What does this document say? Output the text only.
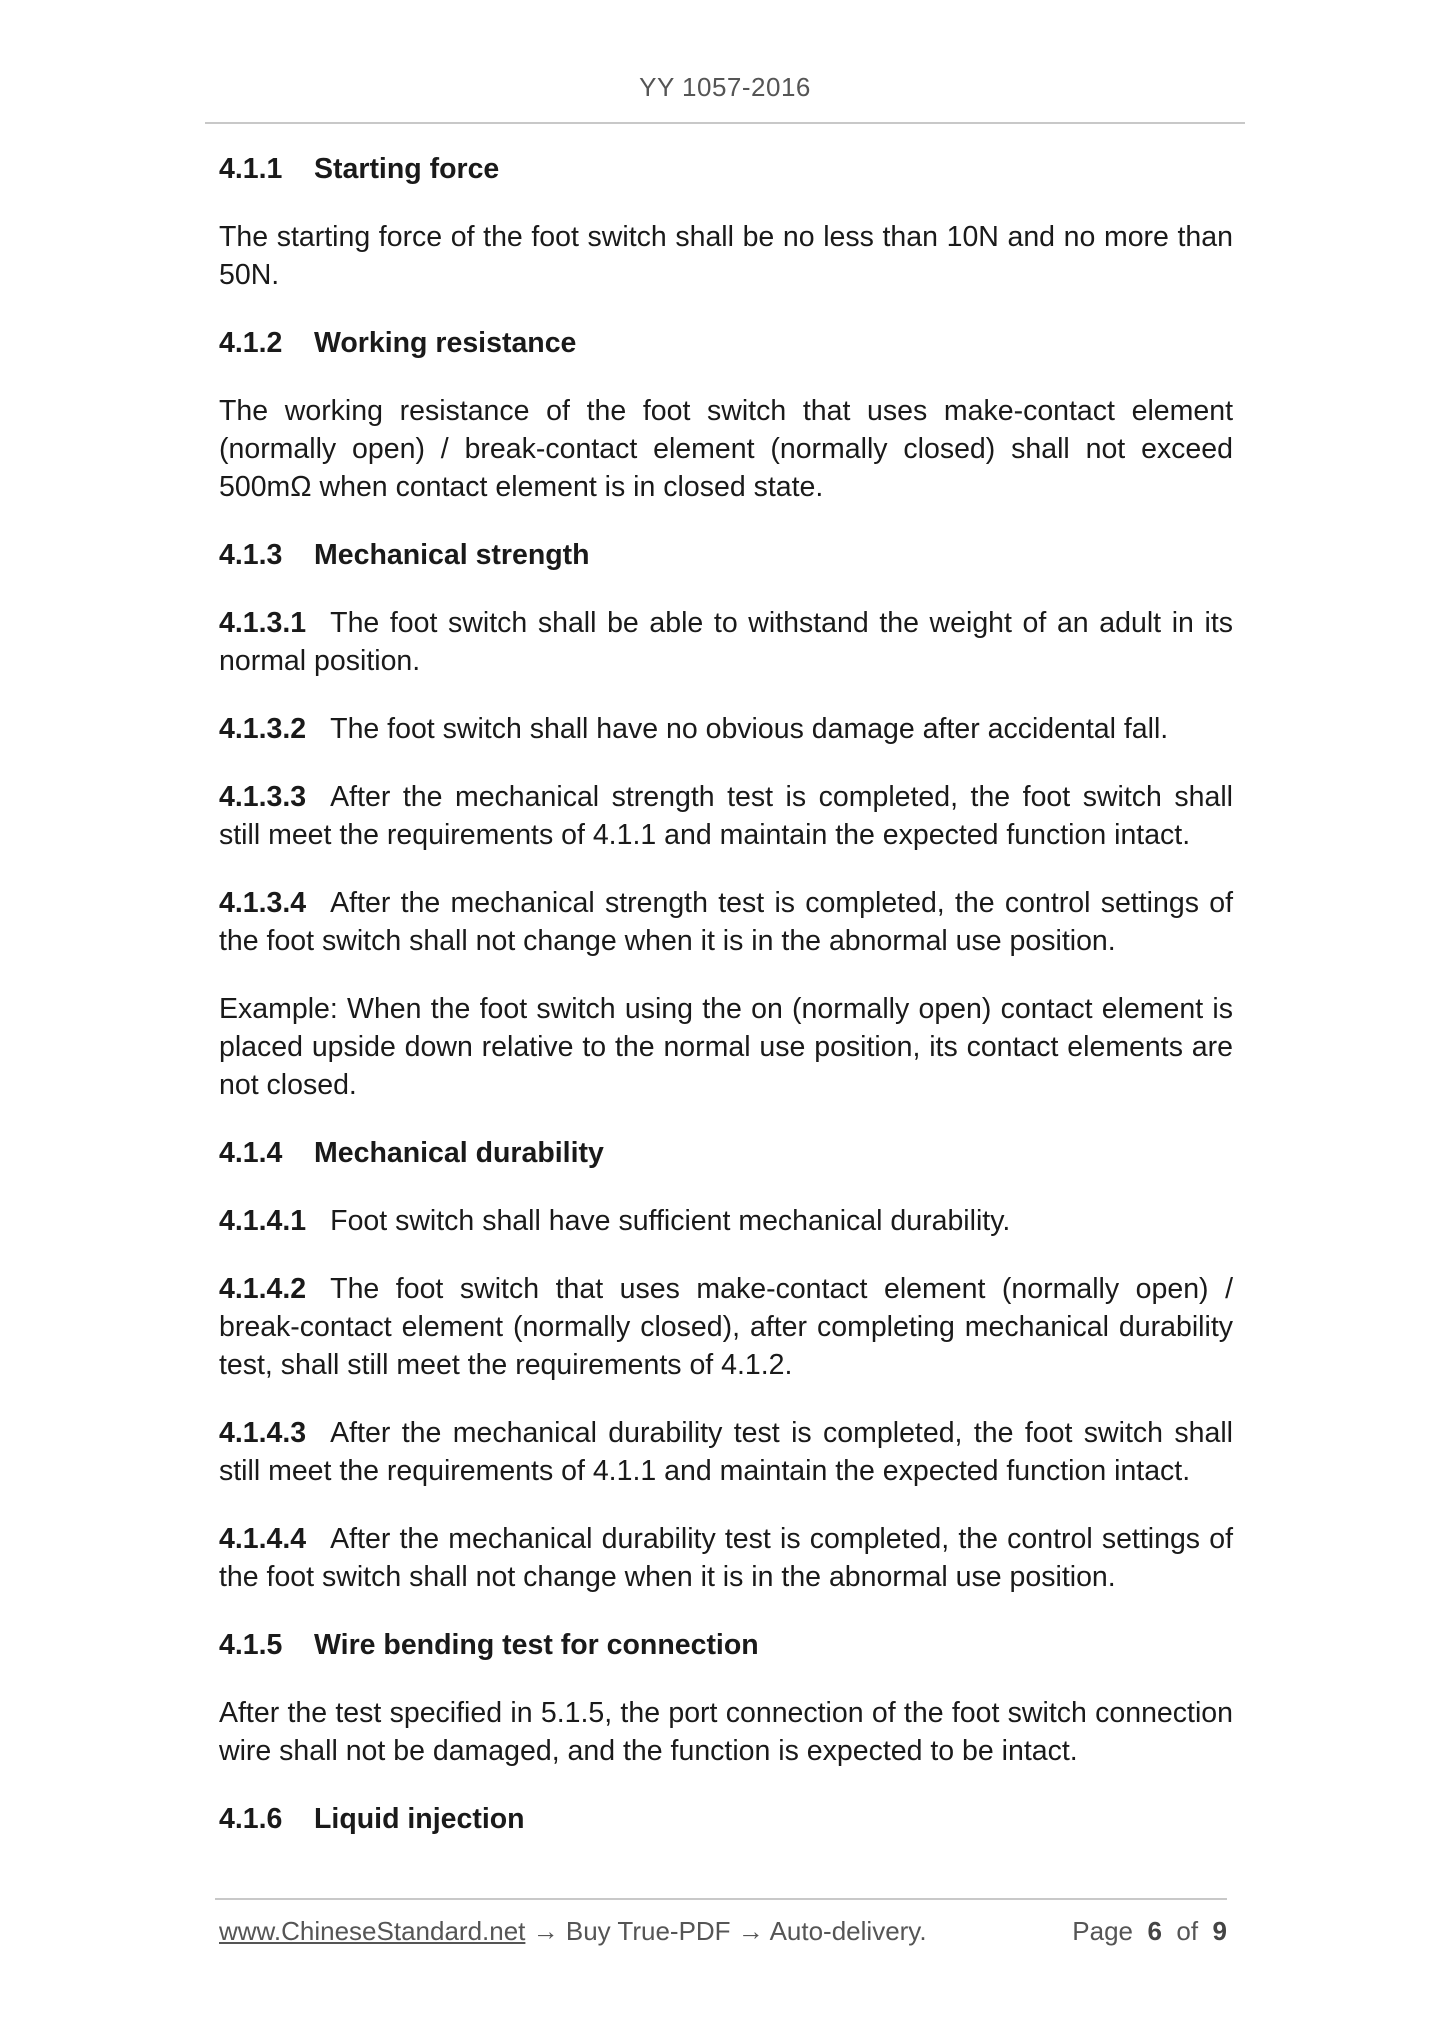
YY 1057-2016
4.1.1 Starting force
The starting force of the foot switch shall be no less than 10N and no more than 50N.
4.1.2 Working resistance
The working resistance of the foot switch that uses make-contact element (normally open) / break-contact element (normally closed) shall not exceed 500mΩ when contact element is in closed state.
4.1.3 Mechanical strength
4.1.3.1 The foot switch shall be able to withstand the weight of an adult in its normal position.
4.1.3.2 The foot switch shall have no obvious damage after accidental fall.
4.1.3.3 After the mechanical strength test is completed, the foot switch shall still meet the requirements of 4.1.1 and maintain the expected function intact.
4.1.3.4 After the mechanical strength test is completed, the control settings of the foot switch shall not change when it is in the abnormal use position.
Example: When the foot switch using the on (normally open) contact element is placed upside down relative to the normal use position, its contact elements are not closed.
4.1.4 Mechanical durability
4.1.4.1 Foot switch shall have sufficient mechanical durability.
4.1.4.2 The foot switch that uses make-contact element (normally open) / break-contact element (normally closed), after completing mechanical durability test, shall still meet the requirements of 4.1.2.
4.1.4.3 After the mechanical durability test is completed, the foot switch shall still meet the requirements of 4.1.1 and maintain the expected function intact.
4.1.4.4 After the mechanical durability test is completed, the control settings of the foot switch shall not change when it is in the abnormal use position.
4.1.5 Wire bending test for connection
After the test specified in 5.1.5, the port connection of the foot switch connection wire shall not be damaged, and the function is expected to be intact.
4.1.6 Liquid injection
www.ChineseStandard.net → Buy True-PDF → Auto-delivery.	Page 6 of 9
